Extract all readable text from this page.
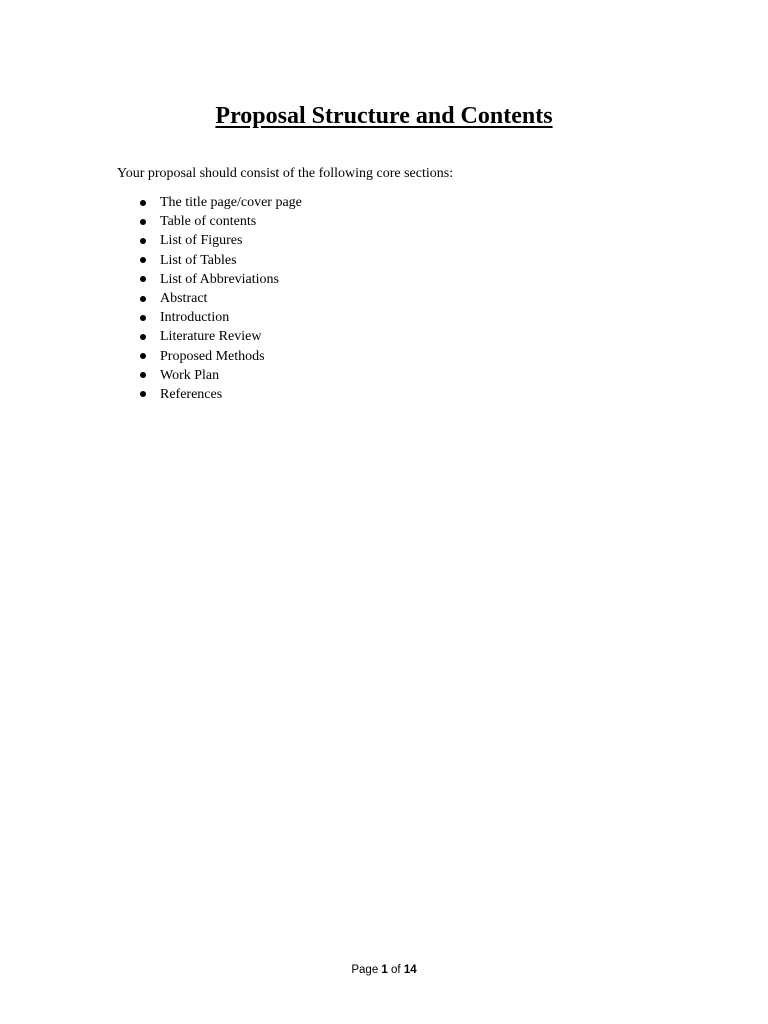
Proposal Structure and Contents

Your proposal should consist of the following core sections:

The title page/cover page
Table of contents
List of Figures
List of Tables
List of Abbreviations
Abstract
Introduction
Literature Review
Proposed Methods
Work Plan
References
Page 1 of 14
